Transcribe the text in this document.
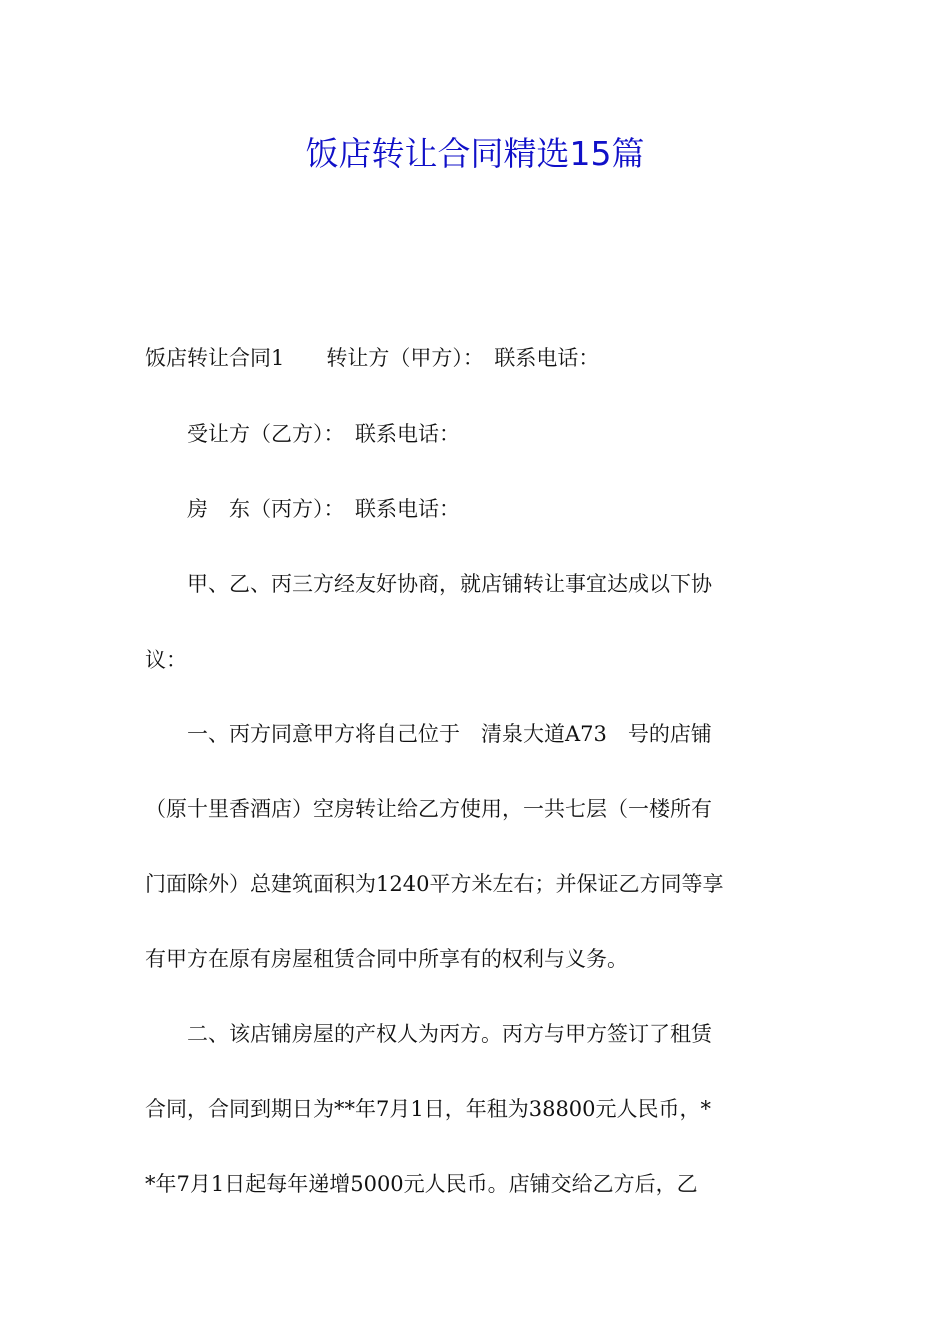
饭店转让合同精选15篇
饭店转让合同1　　转让方（甲方）：　联系电话：
　　受让方（乙方）：　联系电话：
　　房　东（丙方）：　联系电话：
　　甲、乙、丙三方经友好协商，就店铺转让事宜达成以下协
议：
　　一、丙方同意甲方将自己位于　清泉大道A73　号的店铺
（原十里香酒店）空房转让给乙方使用，一共七层（一楼所有
门面除外）总建筑面积为1240平方米左右；并保证乙方同等享
有甲方在原有房屋租赁合同中所享有的权利与义务。
　　二、该店铺房屋的产权人为丙方。丙方与甲方签订了租赁
合同，合同到期日为**年7月1日，年租为38800元人民币，*
*年7月1日起每年递增5000元人民币。店铺交给乙方后，乙
